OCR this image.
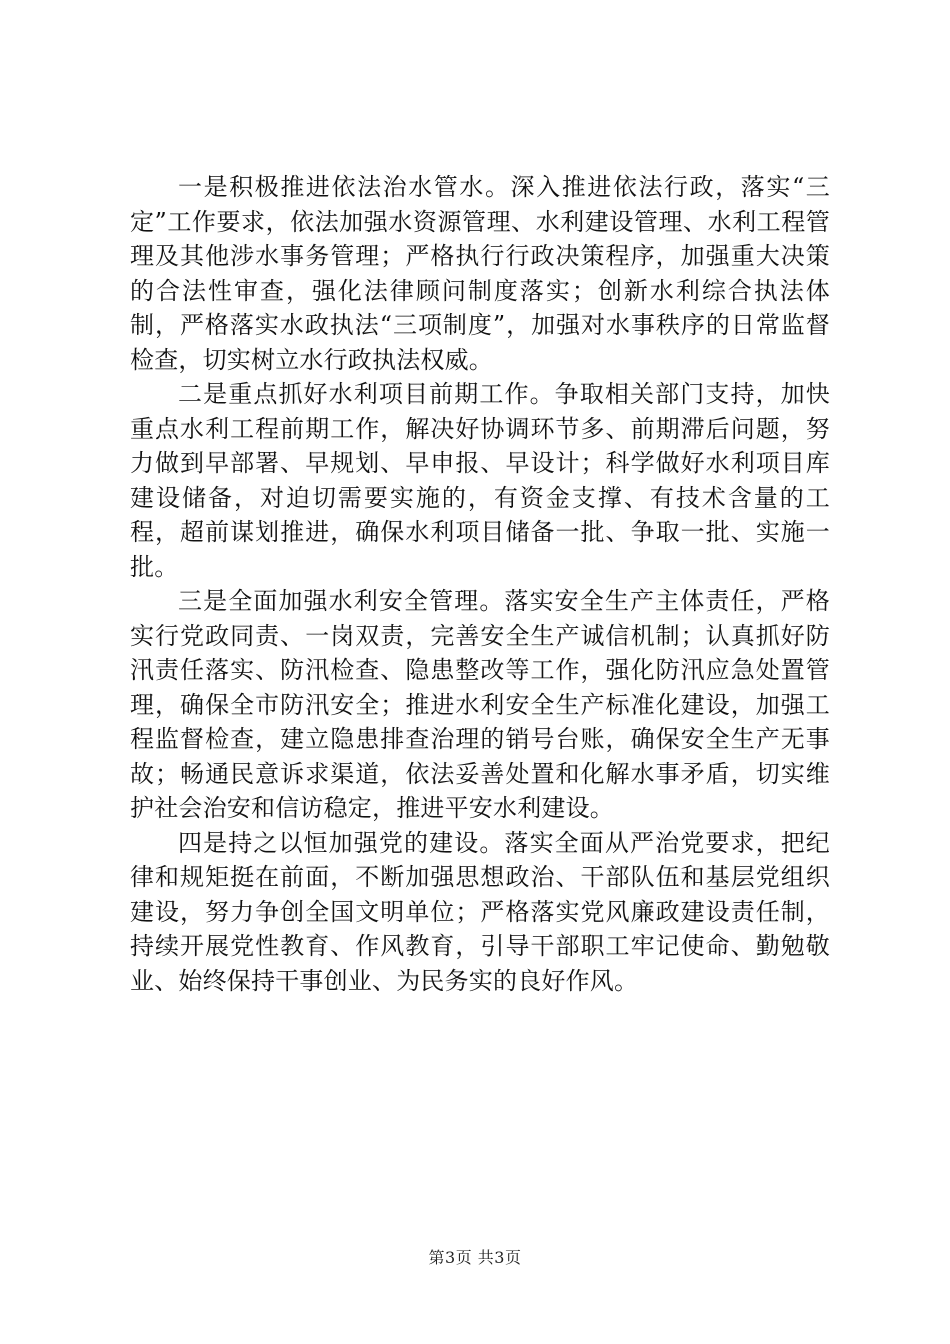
一是积极推进依法治水管水。深入推进依法行政，落实“三定”工作要求，依法加强水资源管理、水利建设管理、水利工程管理及其他涉水事务管理；严格执行行政决策程序，加强重大决策的合法性审查，强化法律顾问制度落实；创新水利综合执法体制，严格落实水政执法“三项制度”，加强对水事秩序的日常监督检查，切实树立水行政执法权威。

二是重点抓好水利项目前期工作。争取相关部门支持，加快重点水利工程前期工作，解决好协调环节多、前期滞后问题，努力做到早部署、早规划、早申报、早设计；科学做好水利项目库建设储备，对迫切需要实施的，有资金支撑、有技术含量的工程，超前谋划推进，确保水利项目储备一批、争取一批、实施一批。

三是全面加强水利安全管理。落实安全生产主体责任，严格实行党政同责、一岗双责，完善安全生产诚信机制；认真抓好防汛责任落实、防汛检查、隐患整改等工作，强化防汛应急处置管理，确保全市防汛安全；推进水利安全生产标准化建设，加强工程监督检查，建立隐患排查治理的销号台账，确保安全生产无事故；畅通民意诉求渠道，依法妥善处置和化解水事矛盾，切实维护社会治安和信访稳定，推进平安水利建设。

四是持之以恒加强党的建设。落实全面从严治党要求，把纪律和规矩挺在前面，不断加强思想政治、干部队伍和基层党组织建设，努力争创全国文明单位；严格落实党风廉政建设责任制，持续开展党性教育、作风教育，引导干部职工牢记使命、勤勉敬业、始终保持干事创业、为民务实的良好作风。

第3页 共3页
